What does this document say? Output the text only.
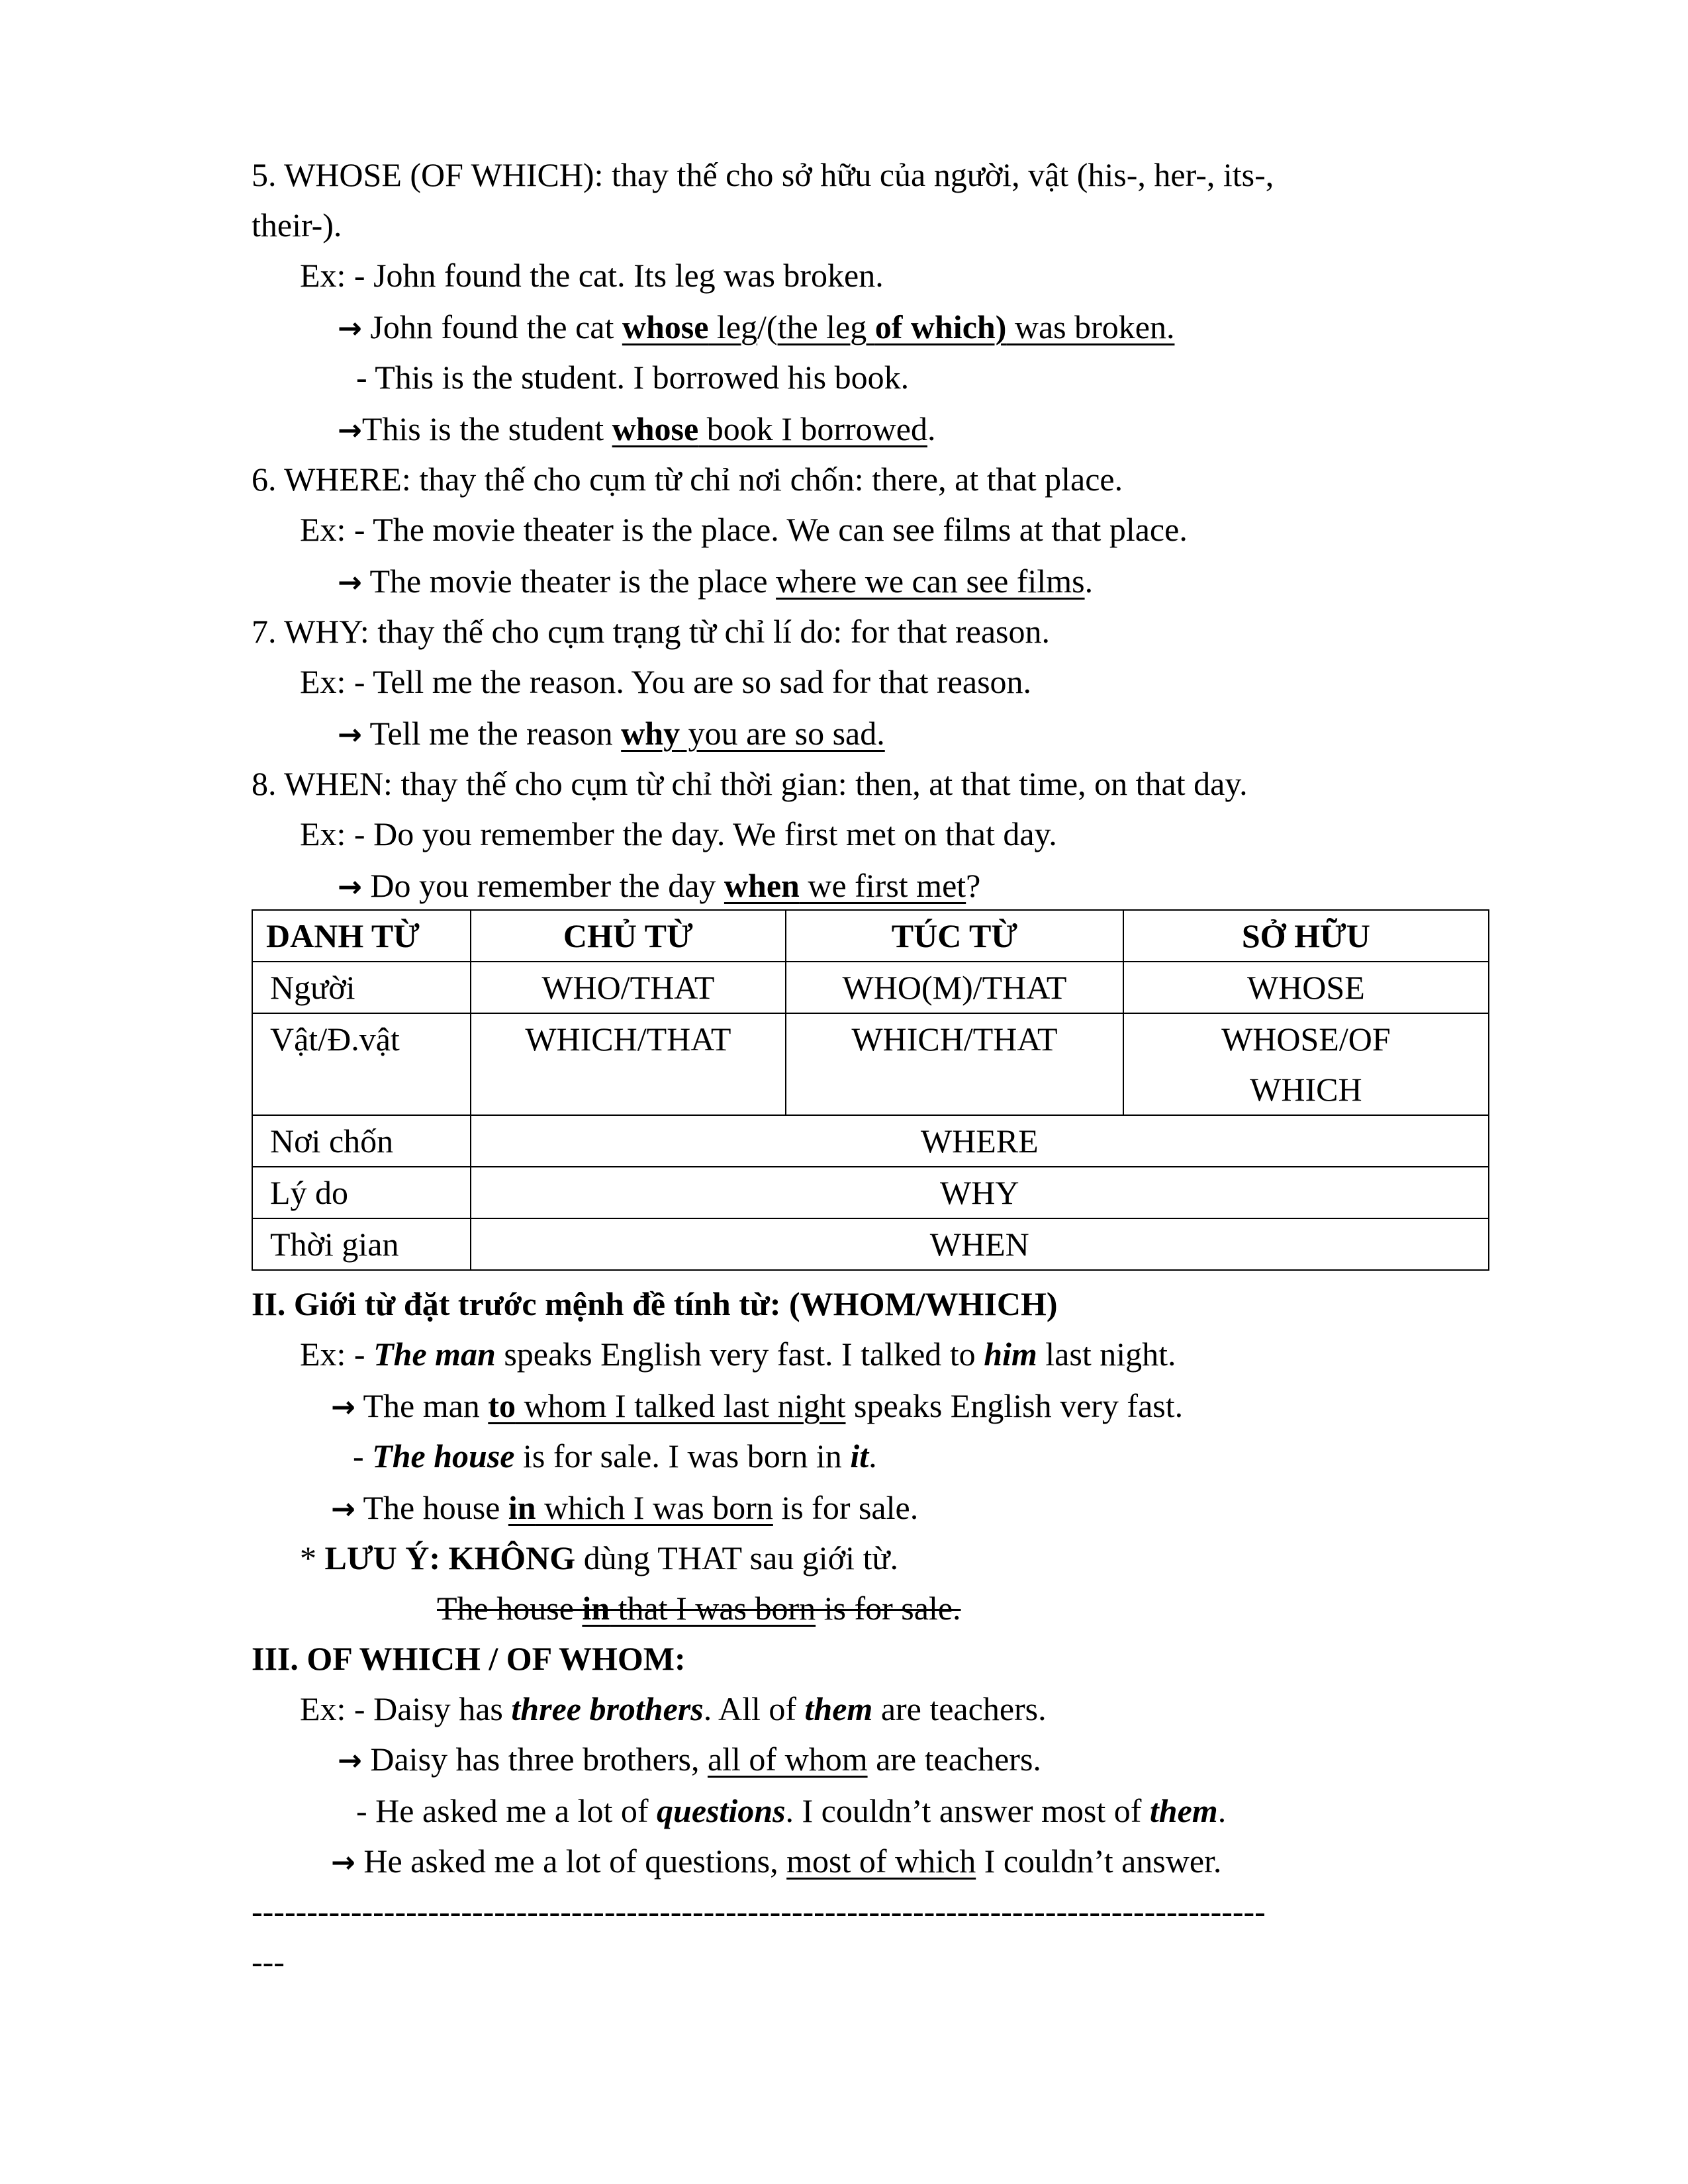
5. WHOSE (OF WHICH): thay thế cho sở hữu của người, vật (his-, her-, its-,
their-).
Ex: - John found the cat. Its leg was broken.
→ John found the cat whose leg/(the leg of which) was broken.
- This is the student. I borrowed his book.
→This is the student whose book I borrowed.
6. WHERE: thay thế cho cụm từ chỉ nơi chốn: there, at that place.
Ex: - The movie theater is the place. We can see films at that place.
→ The movie theater is the place where we can see films.
7. WHY: thay thế cho cụm trạng từ chỉ lí do: for that reason.
Ex: - Tell me the reason. You are so sad for that reason.
→ Tell me the reason why you are so sad.
8. WHEN: thay thế cho cụm từ chỉ thời gian: then, at that time, on that day.
Ex: - Do you remember the day. We first met on that day.
→ Do you remember the day when we first met?
DANH TỪ	CHỦ TỪ	TÚC TỪ	SỞ HỮU
Người	WHO/THAT	WHO(M)/THAT	WHOSE
Vật/Đ.vật	WHICH/THAT	WHICH/THAT	WHOSE/OF
WHICH

Nơi chốn	WHERE		
Lý do	WHY		
Thời gian	WHEN		
II. Giới từ đặt trước mệnh đề tính từ: (WHOM/WHICH)
Ex: - The man speaks English very fast. I talked to him last night.
→ The man to whom I talked last night speaks English very fast.
- The house is for sale. I was born in it.
→ The house in which I was born is for sale.
* LƯU Ý: KHÔNG dùng THAT sau giới từ.
The house in that I was born is for sale.
III. OF WHICH / OF WHOM:
Ex: - Daisy has three brothers. All of them are teachers.
→ Daisy has three brothers, all of whom are teachers.
- He asked me a lot of questions. I couldn’t answer most of them.
→ He asked me a lot of questions, most of which I couldn’t answer.
--------------------------------------------------------------------------------------------
---
